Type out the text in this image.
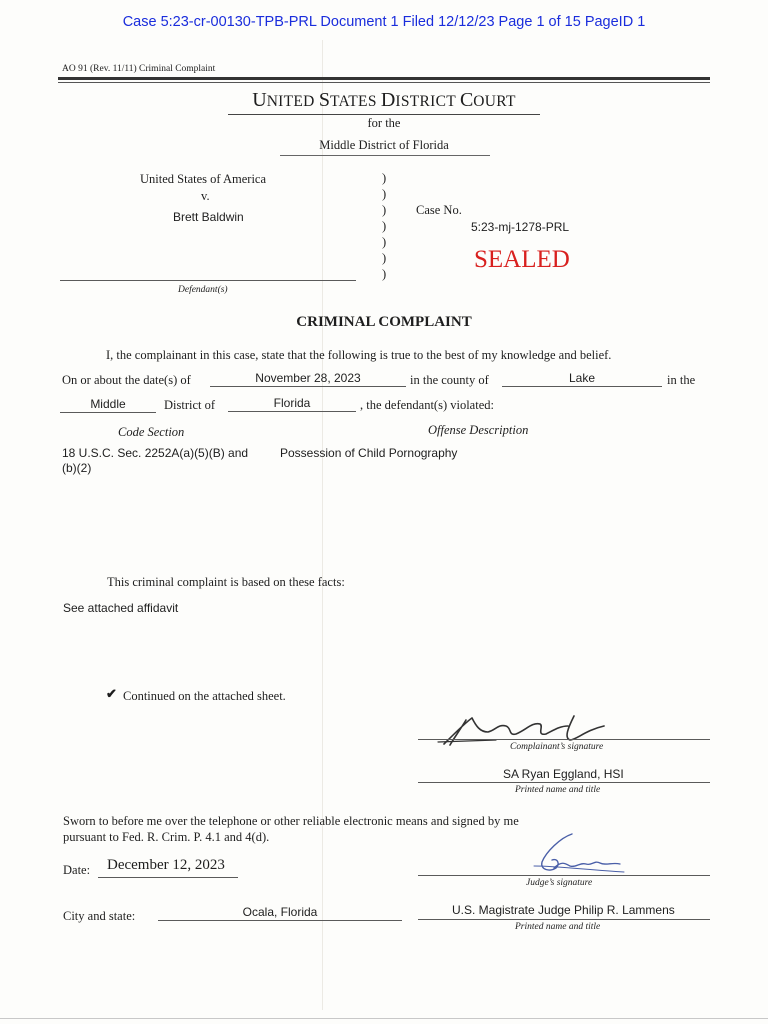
Case 5:23-cr-00130-TPB-PRL Document 1 Filed 12/12/23 Page 1 of 15 PageID 1
AO 91 (Rev. 11/11) Criminal Complaint
UNITED STATES DISTRICT COURT
for the
Middle District of Florida
United States of America
v.
Brett Baldwin
Defendant(s)
)
)
)
)
)
)
)
Case No.
5:23-mj-1278-PRL
SEALED
CRIMINAL COMPLAINT
I, the complainant in this case, state that the following is true to the best of my knowledge and belief.
On or about the date(s) of	November 28, 2023	in the county of	Lake	in the
Middle	District of	Florida	, the defendant(s) violated:
Code Section	Offense Description
18 U.S.C. Sec. 2252A(a)(5)(B) and
(b)(2)
Possession of Child Pornography
This criminal complaint is based on these facts:
See attached affidavit
✔ Continued on the attached sheet.
Complainant’s signature
SA Ryan Eggland, HSI
Printed name and title
Sworn to before me over the telephone or other reliable electronic means and signed by me
pursuant to Fed. R. Crim. P. 4.1 and 4(d).
Date: December 12, 2023
Judge’s signature
City and state:	Ocala, Florida	U.S. Magistrate Judge Philip R. Lammens
Printed name and title
